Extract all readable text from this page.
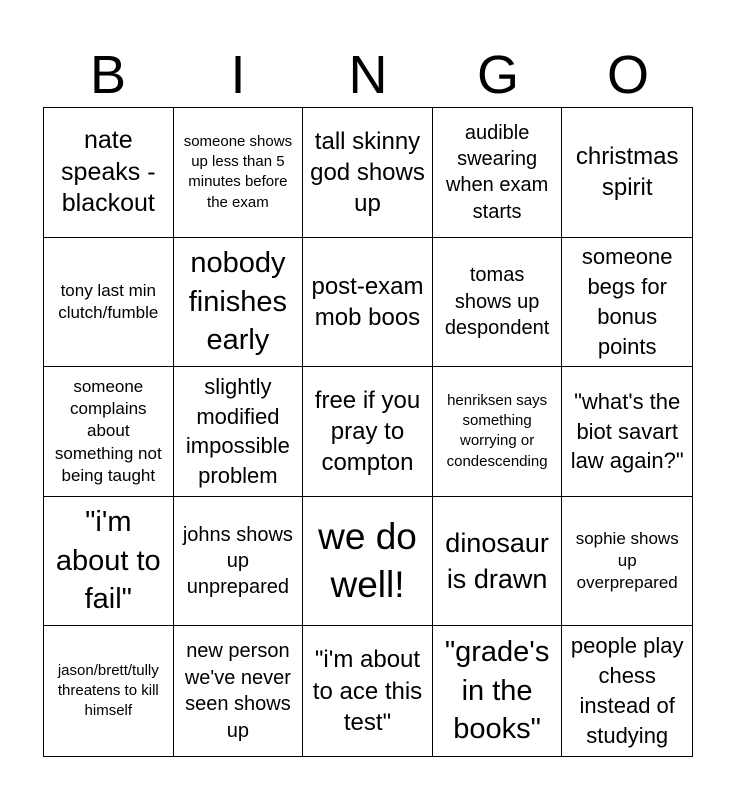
B	I	N	G	O
nate speaks - blackout
someone shows up less than 5 minutes before the exam
tall skinny god shows up
audible swearing when exam starts
christmas spirit
tony last min clutch/fumble
nobody finishes early
post-exam mob boos
tomas shows up despondent
someone begs for bonus points
someone complains about something not being taught
slightly modified impossible problem
free if you pray to compton
henriksen says something worrying or condescending
"what's the biot savart law again?"
"i'm about to fail"
johns shows up unprepared
we do well!
dinosaur is drawn
sophie shows up overprepared
jason/brett/tully threatens to kill himself
new person we've never seen shows up
"i'm about to ace this test"
"grade's in the books"
people play chess instead of studying
